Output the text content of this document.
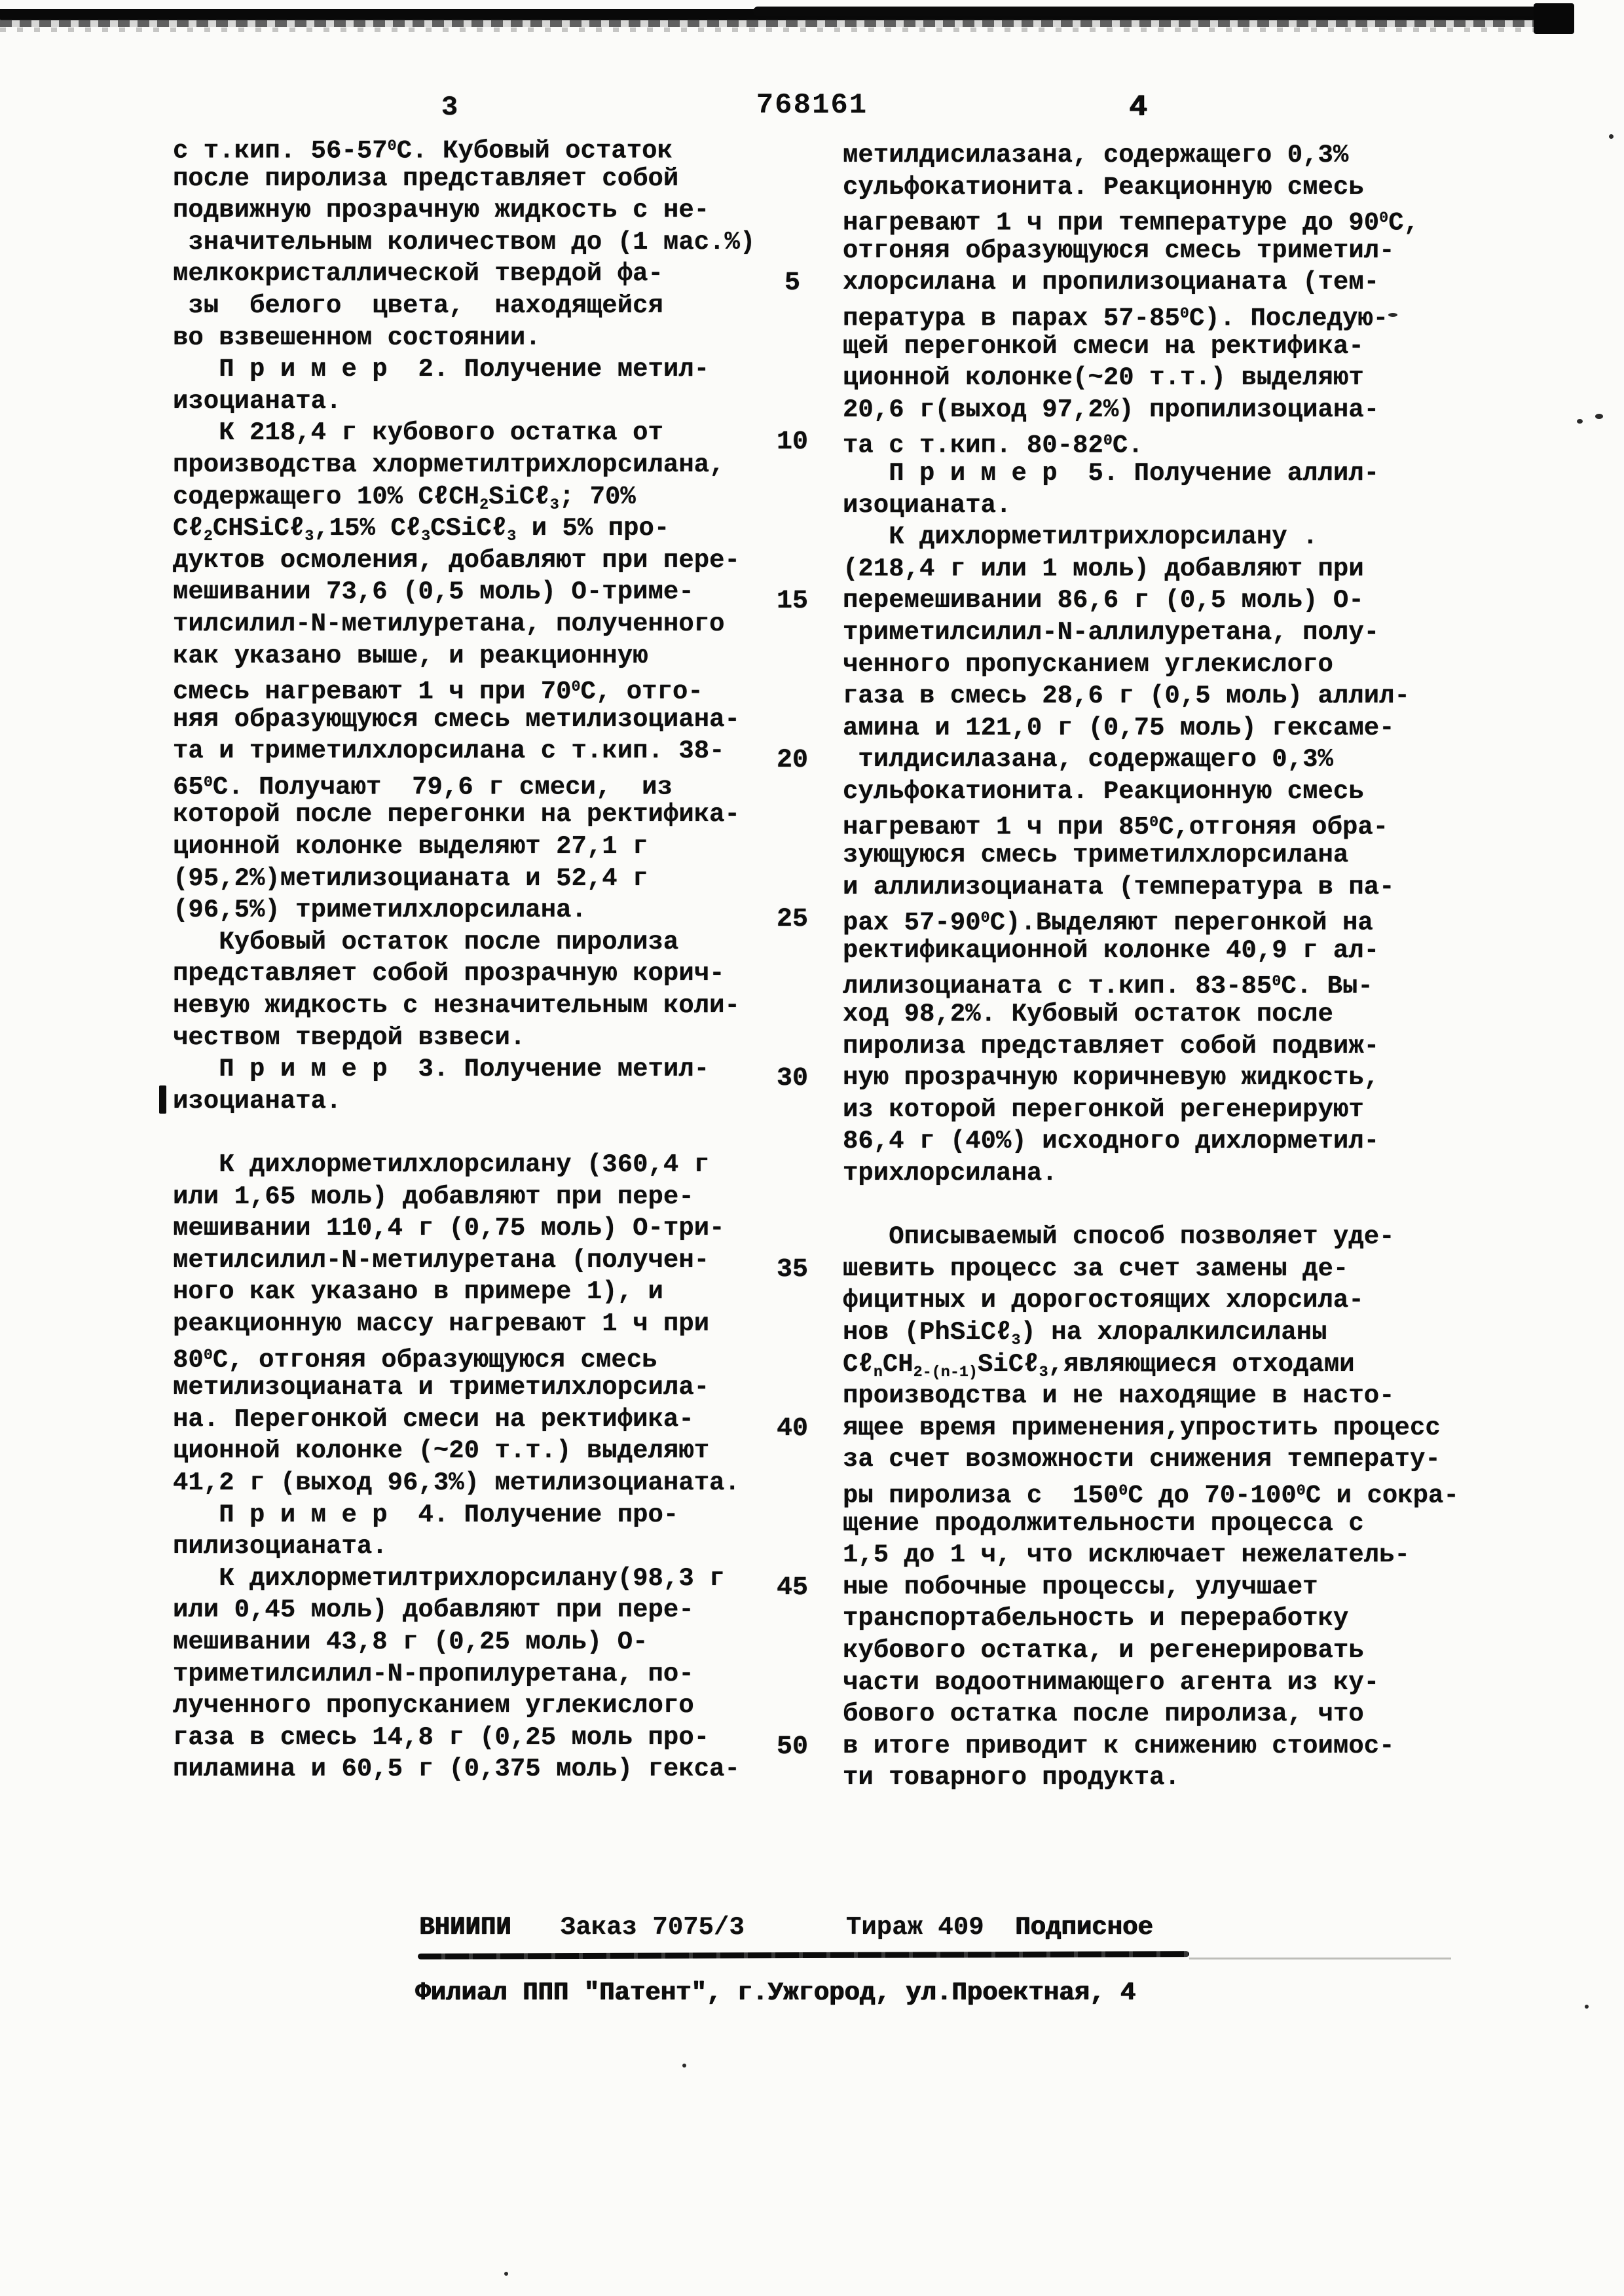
3	768161	4
с т.кип. $56-57^0С$. Кубовый остаток
после пиролиза представляет собой
подвижную прозрачную жидкость с не-
значительным количеством до (1 мас.%)
мелкокристаллической твердой фа-
зы  белого  цвета,  находящейся
во взвешенном состоянии.
П р и м е р  2. Получение метил-
изоцианата.
К 218,4 г кубового остатка от
производства хлорметилтрихлорсилана,
содержащего 10% СℓСН$_2$SiСℓ$_3$; 70%
Сℓ$_2$СНSiСℓ$_3$,15% Сℓ$_3$СSiСℓ$_3$ и 5% про-
дуктов осмоления, добавляют при пере-
мешивании 73,6 (0,5 моль) О-триме-
тилсилил-N-метилуретана, полученного
как указано выше, и реакционную
смесь нагревают 1 ч при $70^0С$, отго-
няя образующуюся смесь метилизоциана-
та и триметилхлорсилана с т.кип. 38-
$65^0С$. Получают  79,6 г смеси,  из
которой после перегонки на ректифика-
ционной колонке выделяют 27,1 г
(95,2%)метилизоцианата и 52,4 г
(96,5%) триметилхлорсилана.
Кубовый остаток после пиролиза
представляет собой прозрачную корич-
невую жидкость с незначительным коли-
чеством твердой взвеси.
П р и м е р  3. Получение метил-
изоцианата.

К дихлорметилхлорсилану (360,4 г
или 1,65 моль) добавляют при пере-
мешивании 110,4 г (0,75 моль) О-три-
метилсилил-N-метилуретана (получен-
ного как указано в примере 1), и
реакционную массу нагревают 1 ч при
$80^0С$, отгоняя образующуюся смесь
метилизоцианата и триметилхлорсила-
на. Перегонкой смеси на ректифика-
ционной колонке (~20 т.т.) выделяют
41,2 г (выход 96,3%) метилизоцианата.
П р и м е р  4. Получение про-
пилизоцианата.
К дихлорметилтрихлорсилану(98,3 г
или 0,45 моль) добавляют при пере-
мешивании 43,8 г (0,25 моль) О-
триметилсилил-N-пропилуретана, по-
лученного пропусканием углекислого
газа в смесь 14,8 г (0,25 моль про-
пиламина и 60,5 г (0,375 моль) гекса-
метилдисилазана, содержащего 0,3%
сульфокатионита. Реакционную смесь
нагревают 1 ч при температуре до $90^0С$,
отгоняя образующуюся смесь триметил-
хлорсилана и пропилизоцианата (тем-
пература в парах $57-85^0С$). Последую-
щей перегонкой смеси на ректифика-
ционной колонке(~20 т.т.) выделяют
20,6 г(выход 97,2%) пропилизоциана-
та с т.кип. $80-82^0С$.
П р и м е р  5. Получение аллил-
изоцианата.
К дихлорметилтрихлорсилану .
(218,4 г или 1 моль) добавляют при
перемешивании 86,6 г (0,5 моль) О-
триметилсилил-N-аллилуретана, полу-
ченного пропусканием углекислого
газа в смесь 28,6 г (0,5 моль) аллил-
амина и 121,0 г (0,75 моль) гексаме-
тилдисилазана, содержащего 0,3%
сульфокатионита. Реакционную смесь
нагревают 1 ч при $85^0С,отгоняя$ обра-
зующуюся смесь триметилхлорсилана
и аллилизоцианата (температура в па-
рах $57-90^0С).Выделяют$ перегонкой на
ректификационной колонке 40,9 г ал-
лилизоцианата с т.кип. $83-85^0С$. Вы-
ход 98,2%. Кубовый остаток после
пиролиза представляет собой подвиж-
ную прозрачную коричневую жидкость,
из которой перегонкой регенерируют
86,4 г (40%) исходного дихлорметил-
трихлорсилана.

Описываемый способ позволяет уде-
шевить процесс за счет замены де-
фицитных и дорогостоящих хлорсила-
нов (PhSiСℓ$_3$) на хлоралкилсиланы
$С\ell_nСН_{2-(n-1)}SiС\ell_3,являющиеся$ отходами
производства и не находящие в насто-
ящее время применения,упростить процесс
за счет возможности снижения температу-
ры пиролиза с  $150^0С$ до $70-100^0С$ и сокра-
щение продолжительности процесса с
1,5 до 1 ч, что исключает нежелатель-
ные побочные процессы, улучшает
транспортабельность и переработку
кубового остатка, и регенерировать
части водоотнимающего агента из ку-
бового остатка после пиролиза, что
в итоге приводит к снижению стоимос-
ти товарного продукта.
5
10
15
20
25
30
35
40
45
50
ВНИИПИ Заказ 7075/3	Тираж 409 Подписное
Филиал ППП "Патент", г.Ужгород, ул.Проектная, 4
